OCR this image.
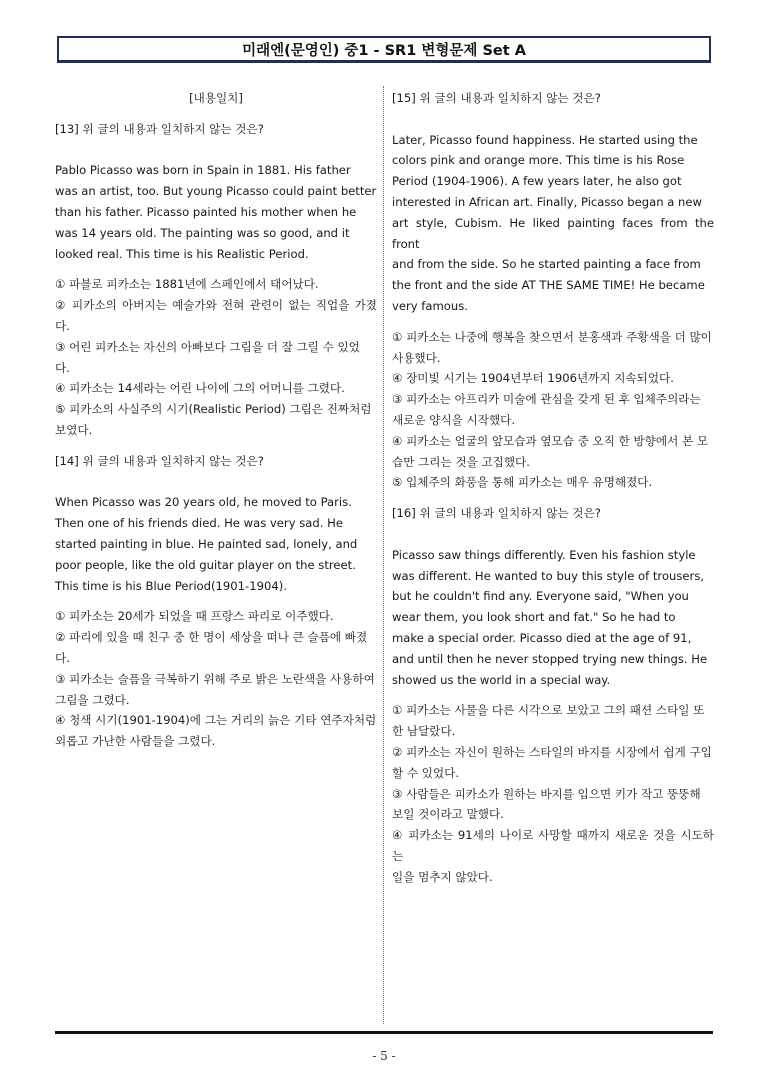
미래엔(문영인) 중1 - SR1 변형문제 Set A
[내용일치]

[13] 위 글의 내용과 일치하지 않는 것은?

Pablo Picasso was born in Spain in 1881. His father
was an artist, too. But young Picasso could paint better
than his father. Picasso painted his mother when he
was 14 years old. The painting was so good, and it
looked real. This time is his Realistic Period.
① 파블로 피카소는 1881년에 스페인에서 태어났다.
② 피카소의 아버지는 예술가와 전혀 관련이 없는 직업을 가졌다.
③ 어린 피카소는 자신의 아빠보다 그림을 더 잘 그릴 수 있었
다.
④ 피카소는 14세라는 어린 나이에 그의 어머니를 그렸다.
⑤ 피카소의 사실주의 시기(Realistic Period) 그림은 진짜처럼
보였다.

[14] 위 글의 내용과 일치하지 않는 것은?

When Picasso was 20 years old, he moved to Paris.
Then one of his friends died. He was very sad. He
started painting in blue. He painted sad, lonely, and
poor people, like the old guitar player on the street.
This time is his Blue Period(1901-1904).
① 피카소는 20세가 되었을 때 프랑스 파리로 이주했다.
② 파리에 있을 때 친구 중 한 명이 세상을 떠나 큰 슬픔에 빠졌
다.
③ 피카소는 슬픔을 극복하기 위해 주로 밝은 노란색을 사용하여
그림을 그렸다.
④ 청색 시기(1901-1904)에 그는 거리의 늙은 기타 연주자처럼
외롭고 가난한 사람들을 그렸다.

[15] 위 글의 내용과 일치하지 않는 것은?

Later, Picasso found happiness. He started using the
colors pink and orange more. This time is his Rose
Period (1904-1906). A few years later, he also got
interested in African art. Finally, Picasso began a new
art style, Cubism. He liked painting faces from the front
and from the side. So he started painting a face from
the front and the side AT THE SAME TIME! He became
very famous.
① 피카소는 나중에 행복을 찾으면서 분홍색과 주황색을 더 많이
사용했다.
④ 장미빛 시기는 1904년부터 1906년까지 지속되었다.
③ 피카소는 아프리카 미술에 관심을 갖게 된 후 입체주의라는
새로운 양식을 시작했다.
④ 피카소는 얼굴의 앞모습과 옆모습 중 오직 한 방향에서 본 모
습만 그리는 것을 고집했다.
⑤ 입체주의 화풍을 통해 피카소는 매우 유명해졌다.

[16] 위 글의 내용과 일치하지 않는 것은?

Picasso saw things differently. Even his fashion style
was different. He wanted to buy this style of trousers,
but he couldn't find any. Everyone said, "When you
wear them, you look short and fat." So he had to
make a special order. Picasso died at the age of 91,
and until then he never stopped trying new things. He
showed us the world in a special way.
① 피카소는 사물을 다른 시각으로 보았고 그의 패션 스타일 또
한 남달랐다.
② 피카소는 자신이 원하는 스타일의 바지를 시장에서 쉽게 구입
할 수 있었다.
③ 사람들은 피카소가 원하는 바지를 입으면 키가 작고 뚱뚱해
보일 것이라고 말했다.
④ 피카소는 91세의 나이로 사망할 때까지 새로운 것을 시도하는
일을 멈추지 않았다.
- 5 -
